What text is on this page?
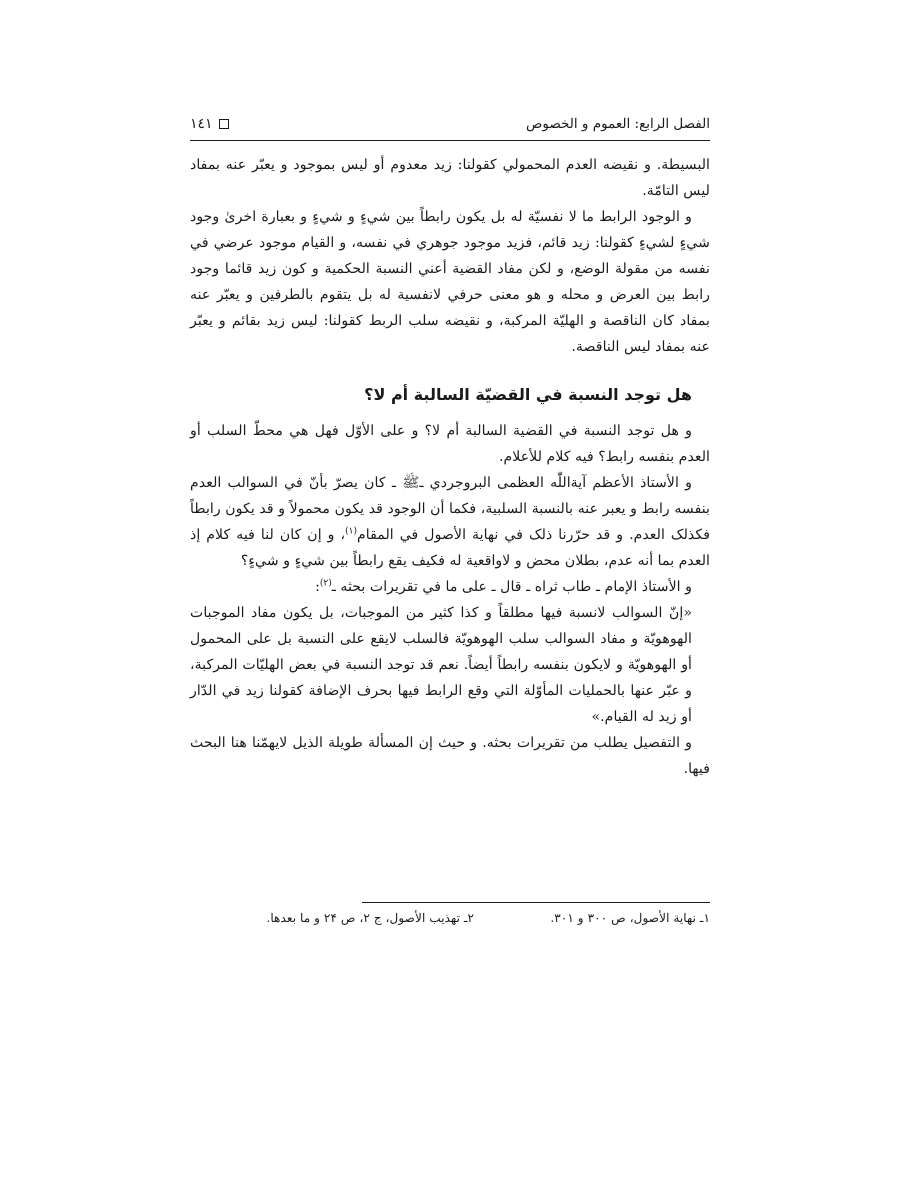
الفصل الرابع: العموم و الخصوص
١٤١

البسيطة. و نقيضه العدم المحمولي كقولنا: زيد معدوم أو ليس بموجود و يعبّر عنه بمفاد ليس التامّة.

و الوجود الرابط ما لا نفسيّة له بل يكون رابطاً بين شيءٍ و شيءٍ و بعبارة اخرىٰ وجود شيءٍ لشيءٍ كقولنا: زيد قائم، فزيد موجود جوهري في نفسه، و القيام موجود عرضي في نفسه من مقولة الوضع، و لكن مفاد القضية أعني النسبة الحكمية و كون زيد قائما وجود رابط بين العرض و محله و هو معنى حرفي لانفسية له بل يتقوم بالطرفين و يعبّر عنه بمفاد كان الناقصة و الهليّة المركبة، و نقيضه سلب الربط كقولنا: ليس زيد بقائم و يعبّر عنه بمفاد ليس الناقصة.

هل توجد النسبة في القضيّة السالبة أم لا؟

و هل توجد النسبة في القضية السالبة أم لا؟ و على الأوّل فهل هي محطّ السلب أو العدم بنفسه رابط؟ فيه كلام للأعلام.

و الأستاذ الأعظم آيةاللّٰه العظمى البروجردي ـﷺ ـ كان يصرّ بأنّ في السوالب العدم بنفسه رابط و يعبر عنه بالنسبة السلبية، فكما أن الوجود قد يكون محمولاً و قد يكون رابطاً فكذلک العدم. و قد حرّرنا ذلک في نهاية الأصول في المقام$^{(١)}$، و إن كان لنا فيه كلام إذ العدم بما أنه عدم، بطلان محض و لاواقعية له فكيف يقع رابطاً بين شيءٍ و شيءٍ؟

و الأستاذ الإمام ـ طاب ثراه ـ قال ـ على ما في تقريرات بحثه ـ$^{(٢)}$:

«إنّ السوالب لانسبة فيها مطلقاً و كذا كثير من الموجبات، بل يكون مفاد الموجبات الهوهويّة و مفاد السوالب سلب الهوهويّة فالسلب لايقع على النسبة بل على المحمول أو الهوهويّة و لايكون بنفسه رابطاً أيضاً. نعم قد توجد النسبة في بعض الهليّات المركبة، و عبّر عنها بالحمليات المأوّلة التي وقع الرابط فيها بحرف الإضافة كقولنا زيد في الدّار أو زيد له القيام.»

و التفصيل يطلب من تقريرات بحثه. و حيث إن المسألة طويلة الذيل لايهمّنا هنا البحث فيها.

١ـ نهاية الأصول، ص ٣٠٠ و ٣٠١.
٢ـ تهذيب الأصول، ج ٢، ص ٢۴ و ما بعدها.
